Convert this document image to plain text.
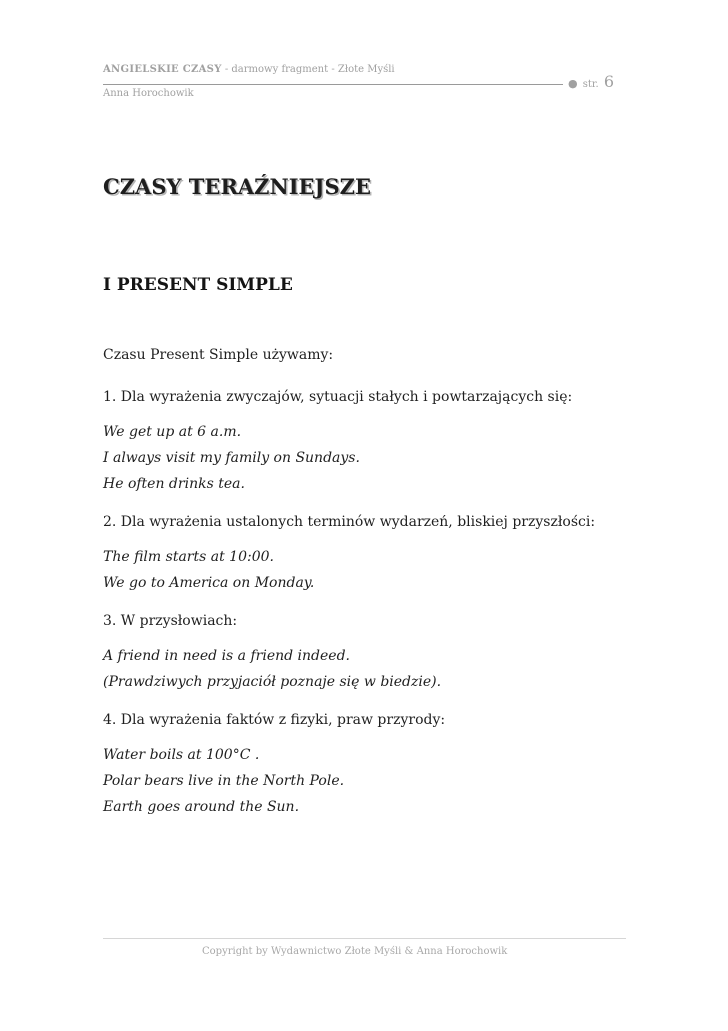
ANGIELSKIE CZASY - darmowy fragment - Złote Myśli
Anna Horochowik
● str. 6
CZASY TERAŹNIEJSZE
I PRESENT SIMPLE

Czasu Present Simple używamy:

1. Dla wyrażenia zwyczajów, sytuacji stałych i powtarzających się:

We get up at 6 a.m.

I always visit my family on Sundays.

He often drinks tea.

2. Dla wyrażenia ustalonych terminów wydarzeń, bliskiej przyszłości:

The film starts at 10:00.

We go to America on Monday.

3. W przysłowiach:

A friend in need is a friend indeed.

(Prawdziwych przyjaciół poznaje się w biedzie).

4. Dla wyrażenia faktów z fizyki, praw przyrody:

Water boils at 100°C .

Polar bears live in the North Pole.

Earth goes around the Sun.

Copyright by Wydawnictwo Złote Myśli & Anna Horochowik
